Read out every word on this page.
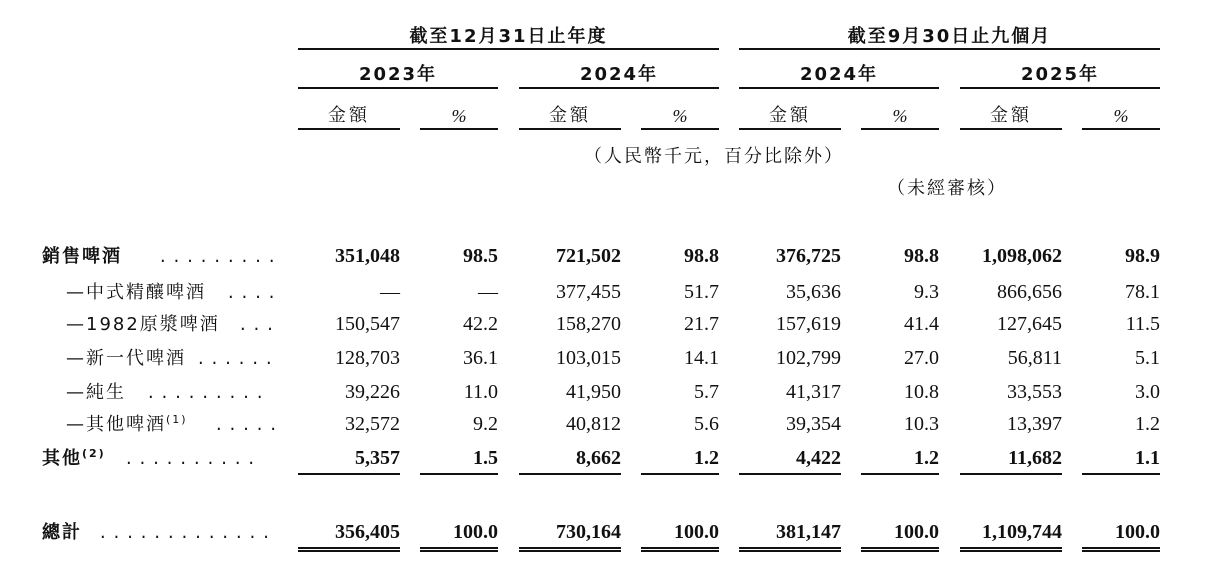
截至12月31日止年度	截至9月30日止九個月
2023年	2024年	2024年	2025年
金額	%	金額	%	金額	%	金額	%
（人民幣千元，百分比除外）
（未經審核）
銷售啤酒 .........	351,048	98.5	721,502	98.8	376,725	98.8	1,098,062	98.9
—中式精釀啤酒 ....	—	—	377,455	51.7	35,636	9.3	866,656	78.1
—1982原漿啤酒 ...	150,547	42.2	158,270	21.7	157,619	41.4	127,645	11.5
—新一代啤酒 ......	128,703	36.1	103,015	14.1	102,799	27.0	56,811	5.1
—純生 .........	39,226	11.0	41,950	5.7	41,317	10.8	33,553	3.0
—其他啤酒$^{(1)}$ .....	32,572	9.2	40,812	5.6	39,354	10.3	13,397	1.2
其他$^{(2)}$ ..........	5,357	1.5	8,662	1.2	4,422	1.2	11,682	1.1
總計 .............	356,405	100.0	730,164	100.0	381,147	100.0	1,109,744	100.0
